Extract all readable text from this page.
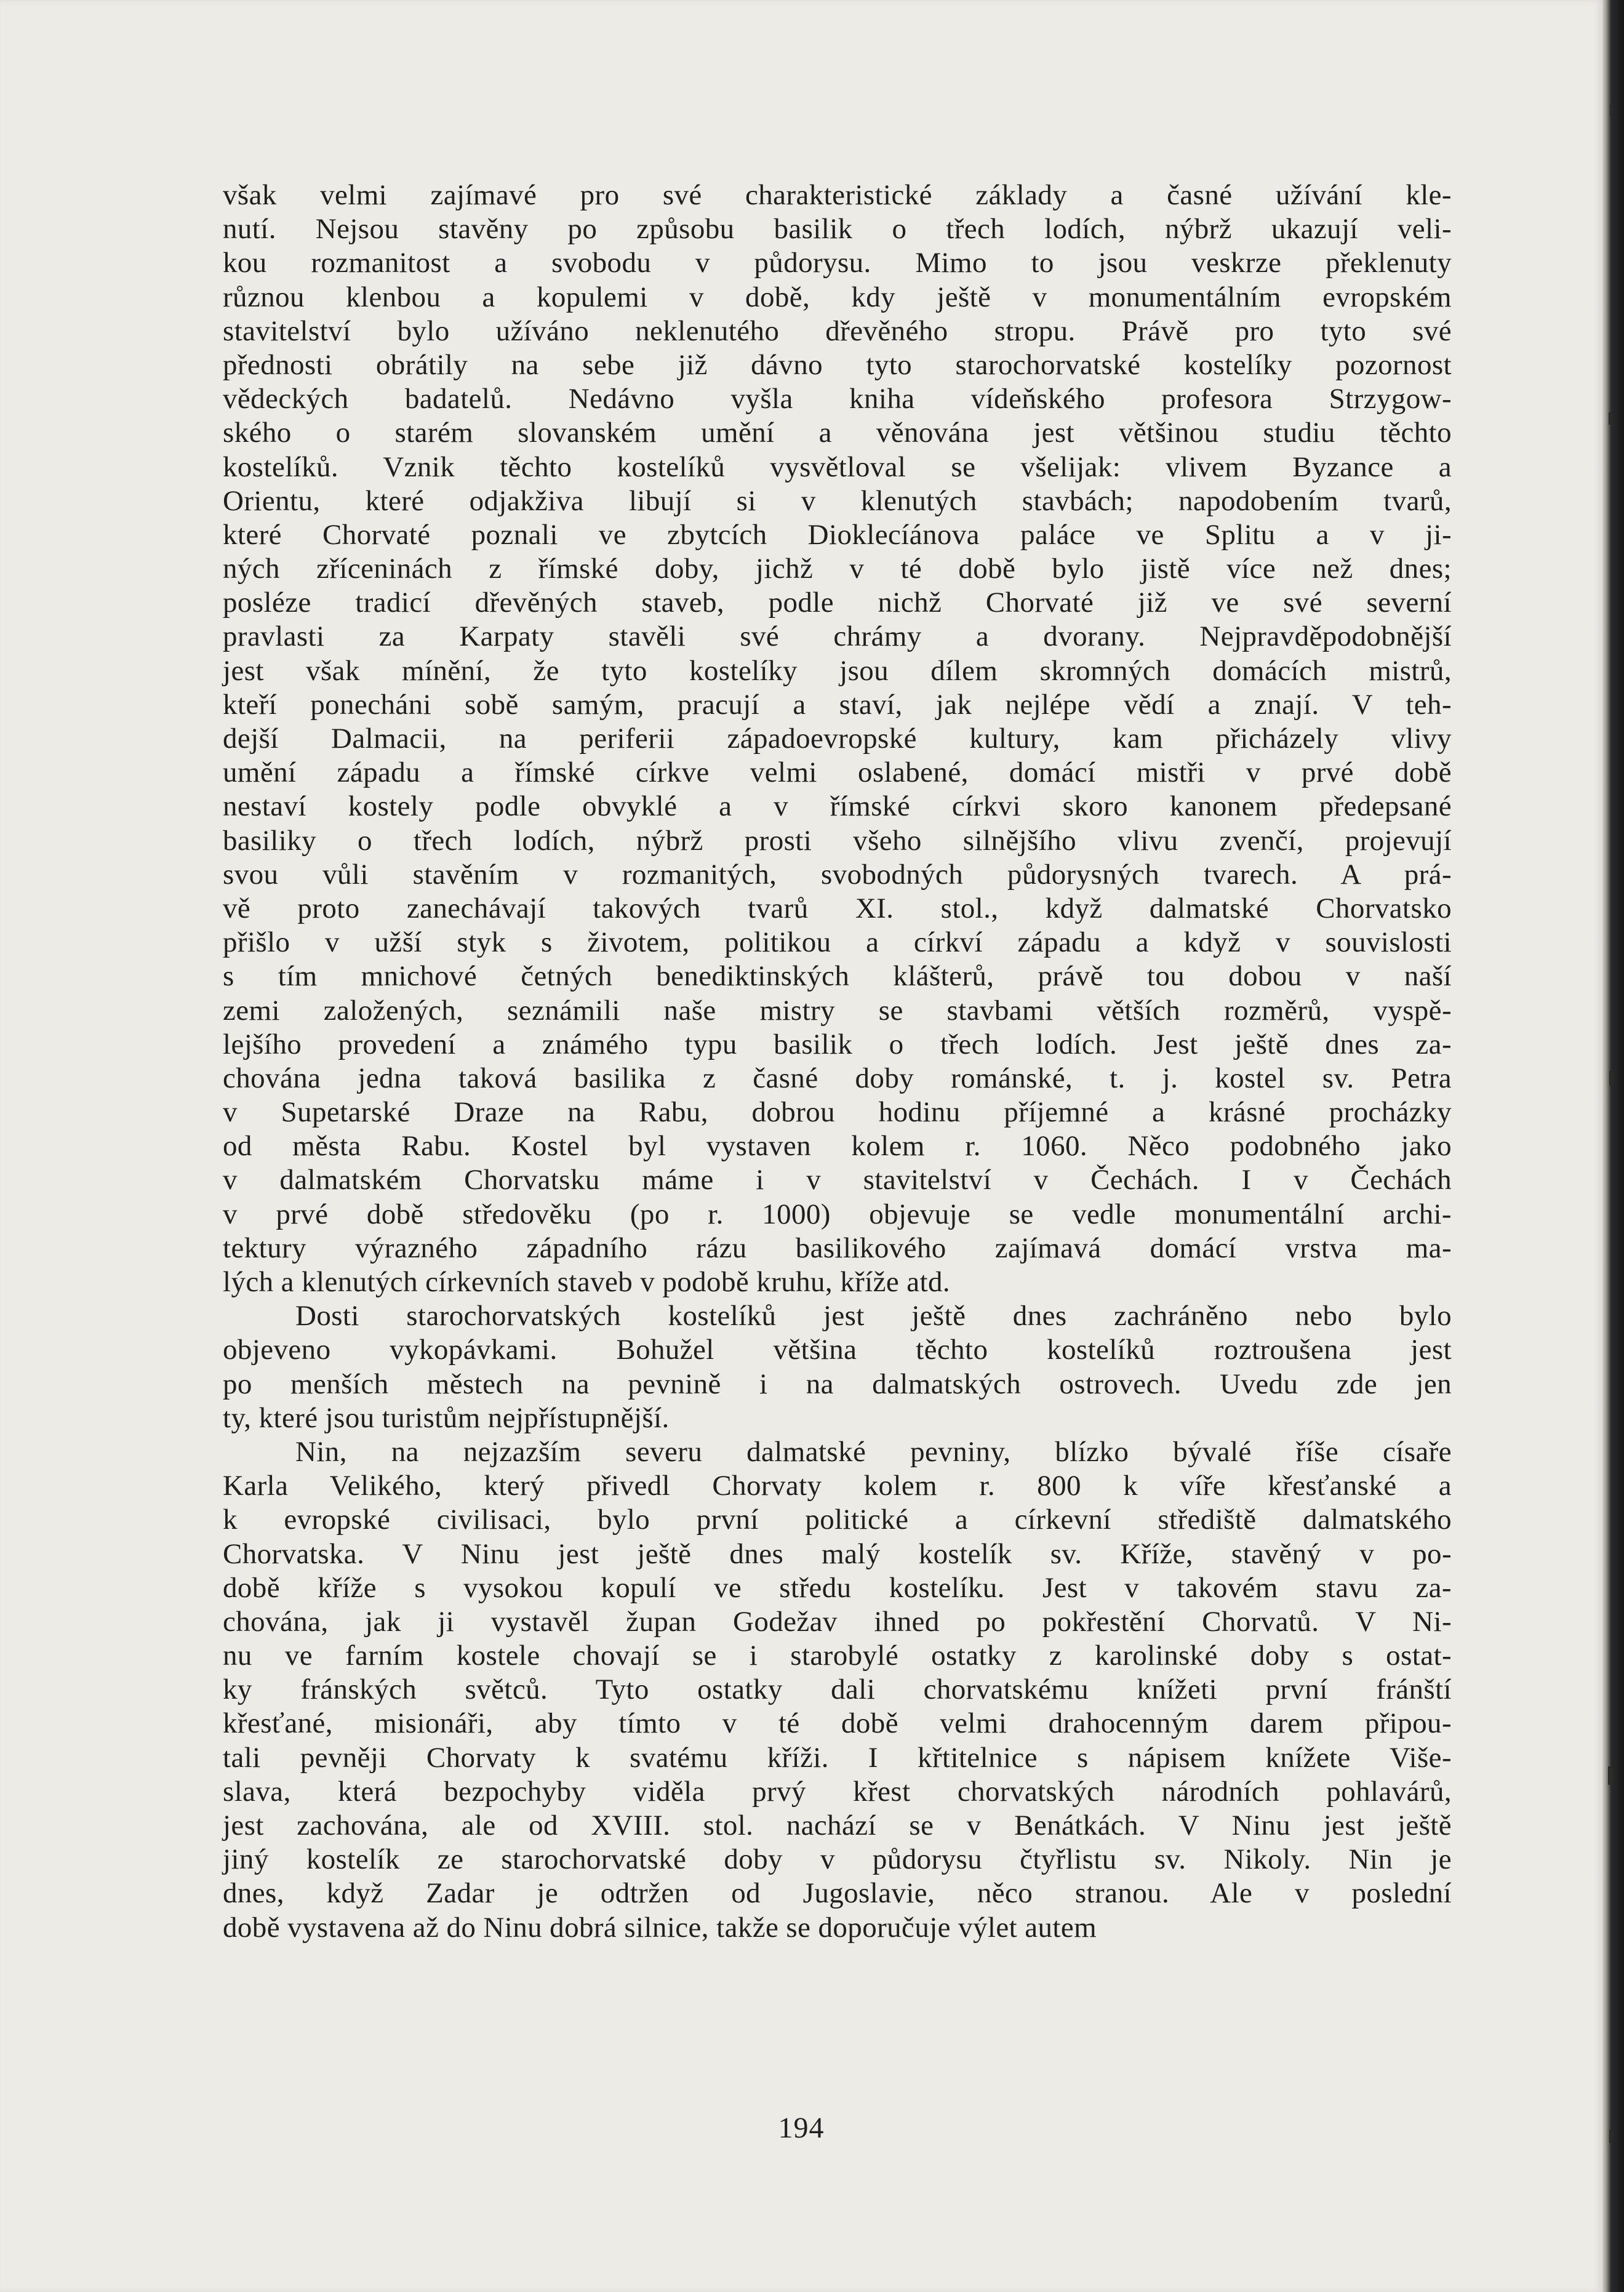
však velmi zajímavé pro své charakteristické základy a časné užívání kle-
nutí. Nejsou stavěny po způsobu basilik o třech lodích, nýbrž ukazují veli-
kou rozmanitost a svobodu v půdorysu. Mimo to jsou veskrze překlenuty
různou klenbou a kopulemi v době, kdy ještě v monumentálním evropském
stavitelství bylo užíváno neklenutého dřevěného stropu. Právě pro tyto své
přednosti obrátily na sebe již dávno tyto starochorvatské kostelíky pozornost
vědeckých badatelů. Nedávno vyšla kniha vídeňského profesora Strzygow-
ského o starém slovanském umění a věnována jest většinou studiu těchto
kostelíků. Vznik těchto kostelíků vysvětloval se všelijak: vlivem Byzance a
Orientu, které odjakživa libují si v klenutých stavbách; napodobením tvarů,
které Chorvaté poznali ve zbytcích Dioklecíánova paláce ve Splitu a v ji-
ných zříceninách z římské doby, jichž v té době bylo jistě více než dnes;
posléze tradicí dřevěných staveb, podle nichž Chorvaté již ve své severní
pravlasti za Karpaty stavěli své chrámy a dvorany. Nejpravděpodobnější
jest však mínění, že tyto kostelíky jsou dílem skromných domácích mistrů,
kteří ponecháni sobě samým, pracují a staví, jak nejlépe vědí a znají. V teh-
dejší Dalmacii, na periferii západoevropské kultury, kam přicházely vlivy
umění západu a římské církve velmi oslabené, domácí mistři v prvé době
nestaví kostely podle obvyklé a v římské církvi skoro kanonem předepsané
basiliky o třech lodích, nýbrž prosti všeho silnějšího vlivu zvenčí, projevují
svou vůli stavěním v rozmanitých, svobodných půdorysných tvarech. A prá-
vě proto zanechávají takových tvarů XI. stol., když dalmatské Chorvatsko
přišlo v užší styk s životem, politikou a církví západu a když v souvislosti
s tím mnichové četných benediktinských klášterů, právě tou dobou v naší
zemi založených, seznámili naše mistry se stavbami větších rozměrů, vyspě-
lejšího provedení a známého typu basilik o třech lodích. Jest ještě dnes za-
chována jedna taková basilika z časné doby románské, t. j. kostel sv. Petra
v Supetarské Draze na Rabu, dobrou hodinu příjemné a krásné procházky
od města Rabu. Kostel byl vystaven kolem r. 1060. Něco podobného jako
v dalmatském Chorvatsku máme i v stavitelství v Čechách. I v Čechách
v prvé době středověku (po r. 1000) objevuje se vedle monumentální archi-
tektury výrazného západního rázu basilikového zajímavá domácí vrstva ma-
lých a klenutých církevních staveb v podobě kruhu, kříže atd.

Dosti starochorvatských kostelíků jest ještě dnes zachráněno nebo bylo
objeveno vykopávkami. Bohužel většina těchto kostelíků roztroušena jest
po menších městech na pevnině i na dalmatských ostrovech. Uvedu zde jen
ty, které jsou turistům nejpřístupnější.

Nin, na nejzazším severu dalmatské pevniny, blízko bývalé říše císaře
Karla Velikého, který přivedl Chorvaty kolem r. 800 k víře křesťanské a
k evropské civilisaci, bylo první politické a církevní střediště dalmatského
Chorvatska. V Ninu jest ještě dnes malý kostelík sv. Kříže, stavěný v po-
době kříže s vysokou kopulí ve středu kostelíku. Jest v takovém stavu za-
chována, jak ji vystavěl župan Godežav ihned po pokřestění Chorvatů. V Ni-
nu ve farním kostele chovají se i starobylé ostatky z karolinské doby s ostat-
ky fránských světců. Tyto ostatky dali chorvatskému knížeti první fránští
křesťané, misionáři, aby tímto v té době velmi drahocenným darem připou-
tali pevněji Chorvaty k svatému kříži. I křtitelnice s nápisem knížete Više-
slava, která bezpochyby viděla prvý křest chorvatských národních pohlavárů,
jest zachována, ale od XVIII. stol. nachází se v Benátkách. V Ninu jest ještě
jiný kostelík ze starochorvatské doby v půdorysu čtyřlistu sv. Nikoly. Nin je
dnes, když Zadar je odtržen od Jugoslavie, něco stranou. Ale v poslední
době vystavena až do Ninu dobrá silnice, takže se doporučuje výlet autem

194
